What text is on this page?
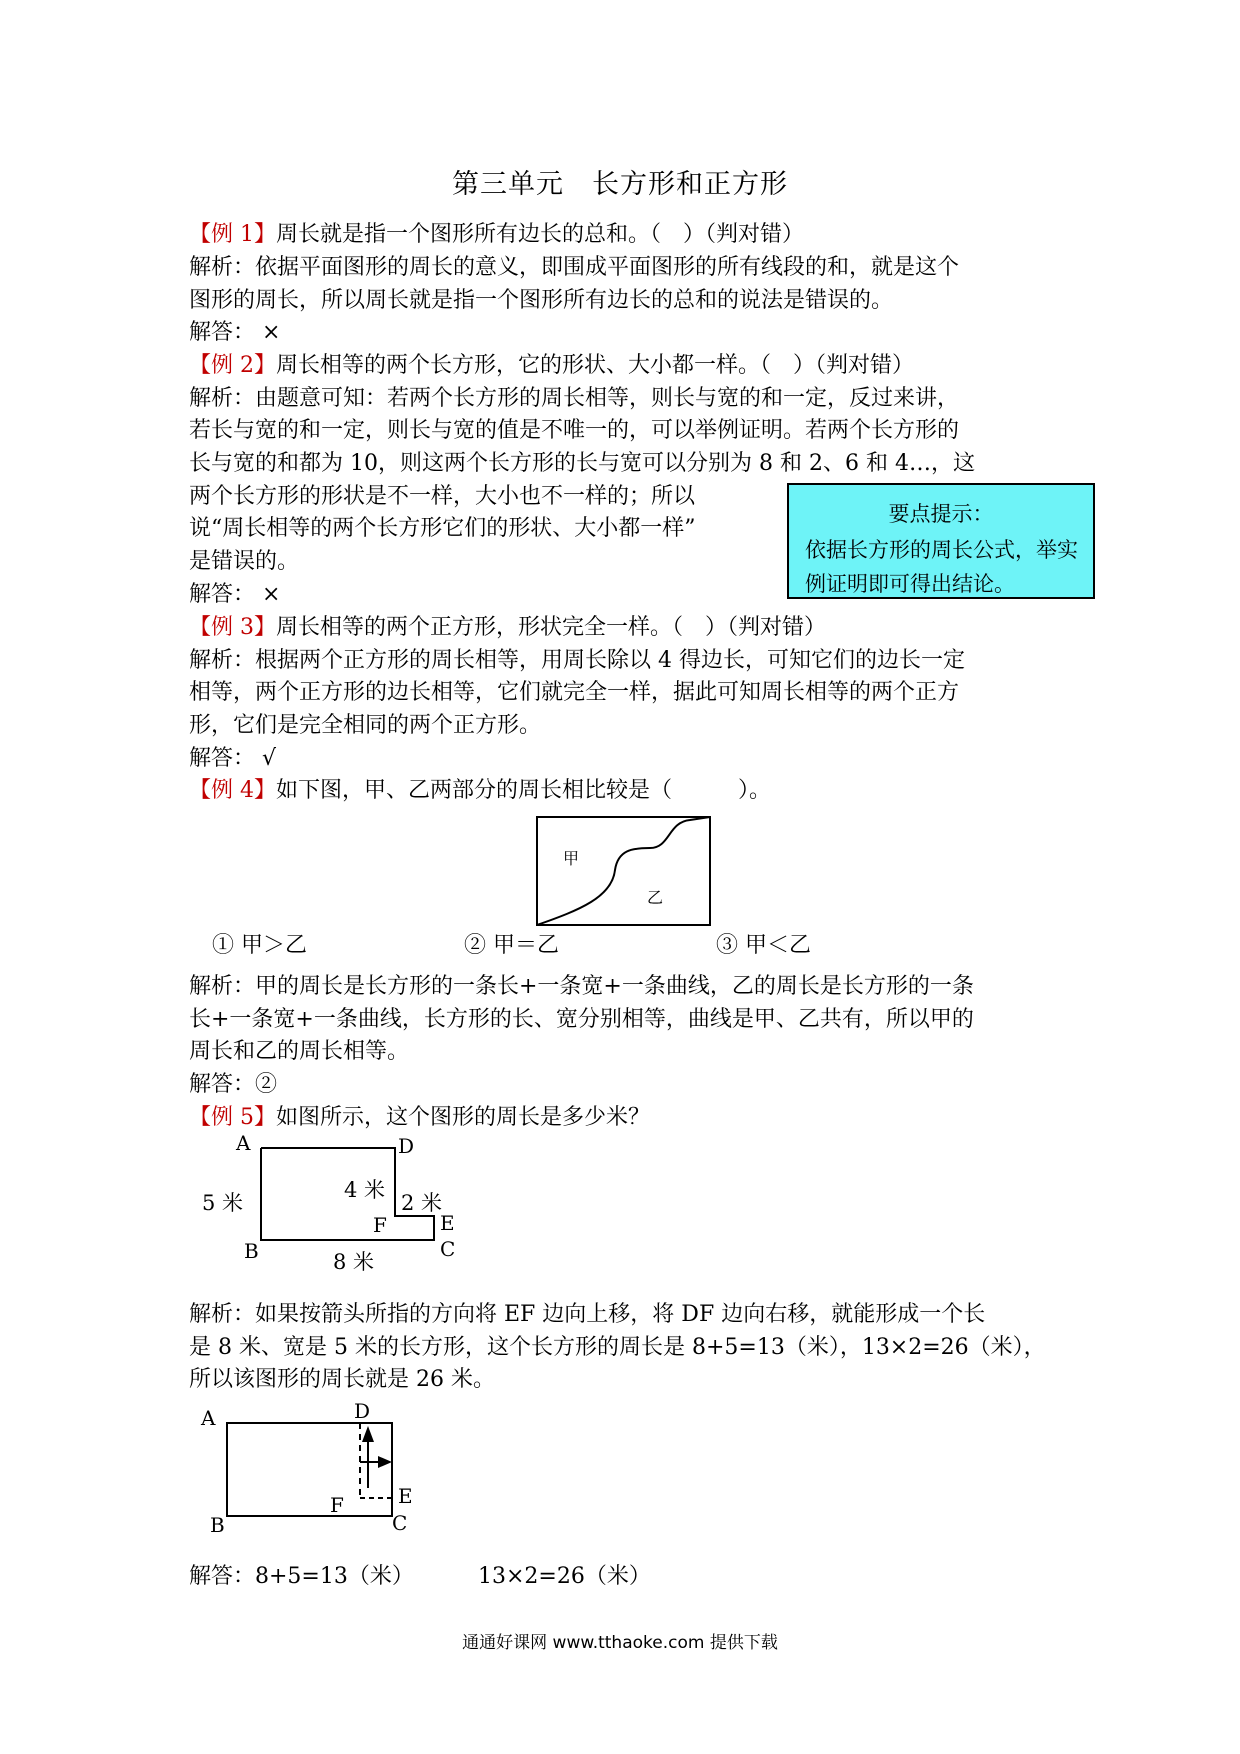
第三单元　长方形和正方形
【例 1】周长就是指一个图形所有边长的总和。（　）（判对错）
解析：依据平面图形的周长的意义，即围成平面图形的所有线段的和，就是这个
图形的周长，所以周长就是指一个图形所有边长的总和的说法是错误的。
解答： ×
【例 2】周长相等的两个长方形，它的形状、大小都一样。（　）（判对错）
解析：由题意可知：若两个长方形的周长相等，则长与宽的和一定，反过来讲，
若长与宽的和一定，则长与宽的值是不唯一的，可以举例证明。若两个长方形的
长与宽的和都为 10，则这两个长方形的长与宽可以分别为 8 和 2、6 和 4…，这
两个长方形的形状是不一样，大小也不一样的；所以
说“周长相等的两个长方形它们的形状、大小都一样”
是错误的。
解答： ×
要点提示：
依据长方形的周长公式，举实例证明即可得出结论。
【例 3】周长相等的两个正方形，形状完全一样。（　）（判对错）
解析：根据两个正方形的周长相等，用周长除以 4 得边长，可知它们的边长一定
相等，两个正方形的边长相等，它们就完全一样，据此可知周长相等的两个正方
形，它们是完全相同的两个正方形。
解答： √
【例 4】如下图，甲、乙两部分的周长相比较是（　　　）。
① 甲＞乙	② 甲＝乙	③ 甲＜乙
解析：甲的周长是长方形的一条长+一条宽+一条曲线，乙的周长是长方形的一条
长+一条宽+一条曲线，长方形的长、宽分别相等，曲线是甲、乙共有，所以甲的
周长和乙的周长相等。
解答：②
【例 5】如图所示，这个图形的周长是多少米？
解析：如果按箭头所指的方向将 EF 边向上移，将 DF 边向右移，就能形成一个长
是 8 米、宽是 5 米的长方形，这个长方形的周长是 8+5=13（米），13×2=26（米），
所以该图形的周长就是 26 米。
解答：8+5=13（米）	13×2=26（米）
甲
乙
A	D
B	C
E
F
5 米
8 米
4 米
2 米
A	D
B	C
E
F
通通好课网 www.tthaoke.com 提供下载
